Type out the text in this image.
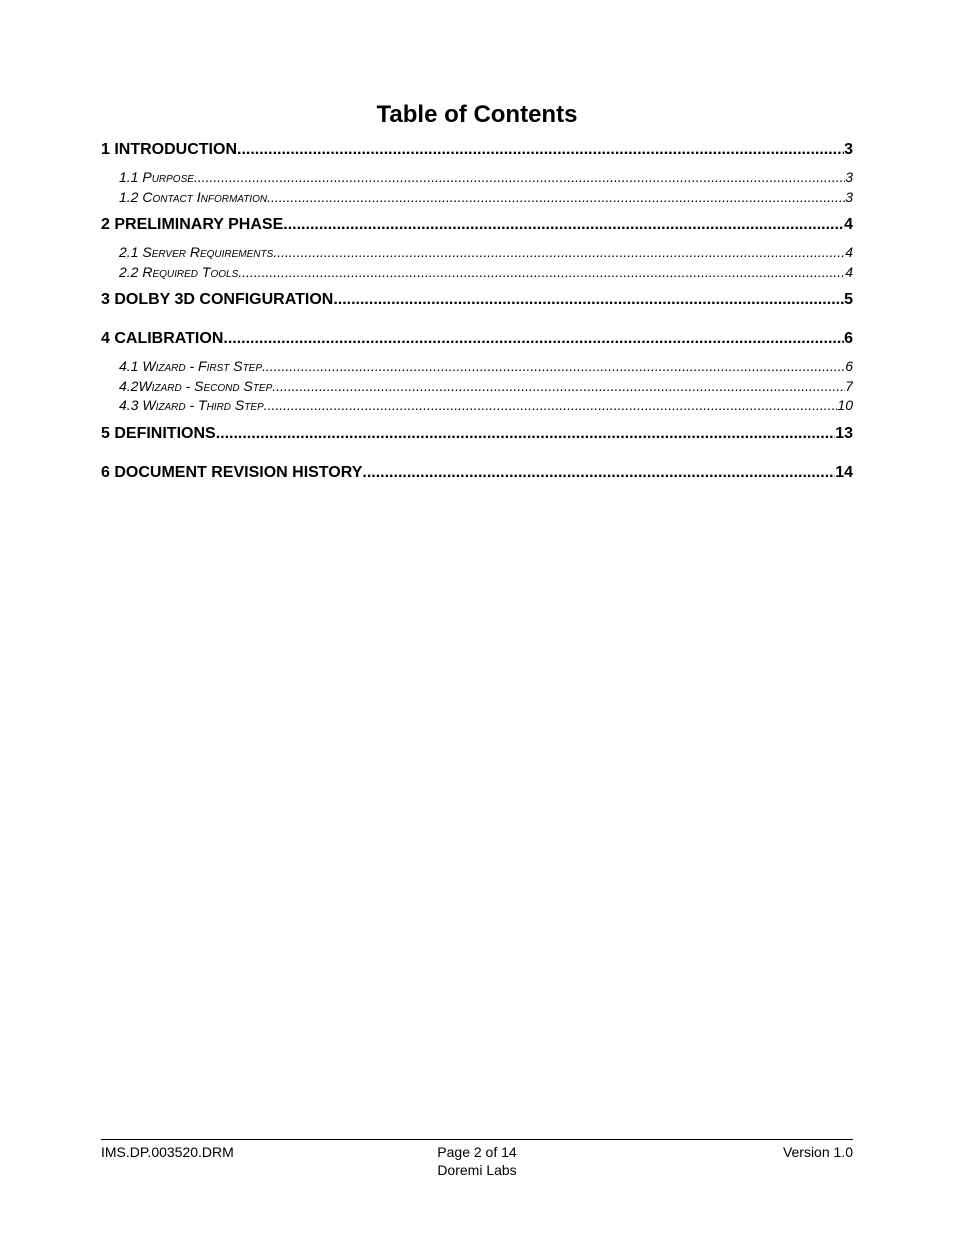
Table of Contents
1 INTRODUCTION .....	3
1.1 Purpose .....	3
1.2 Contact Information .....	3
2 PRELIMINARY PHASE .....	4
2.1 Server Requirements .....	4
2.2 Required Tools .....	4
3 DOLBY 3D CONFIGURATION .....	5
4 CALIBRATION .....	6
4.1 Wizard - First Step .....	6
4.2Wizard - Second Step .....	7
4.3 Wizard - Third Step .....	10
5 DEFINITIONS .....	13
6 DOCUMENT REVISION HISTORY .....	14
IMS.DP.003520.DRM	Page 2 of 14
Doremi Labs
Version 1.0
